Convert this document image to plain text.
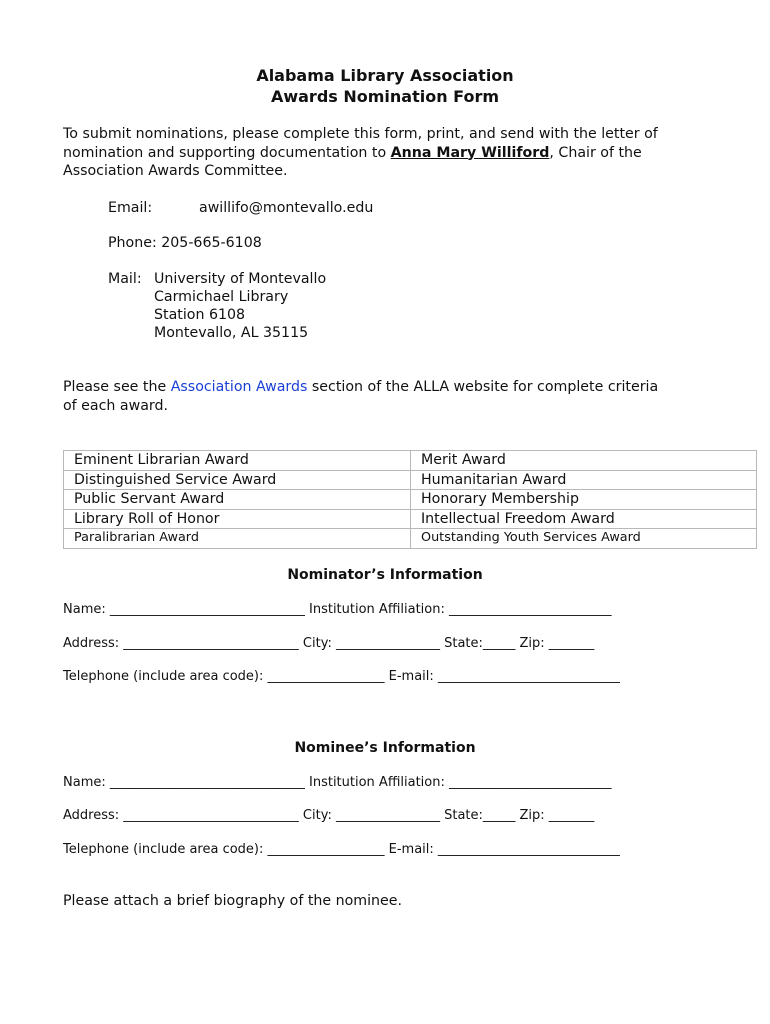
Alabama Library Association
Awards Nomination Form
To submit nominations, please complete this form, print, and send with the letter of
nomination and supporting documentation to Anna Mary Williford, Chair of the
Association Awards Committee.
Email:	awillifo@montevallo.edu
Phone: 205-665-6108
Mail: University of Montevallo
Carmichael Library
Station 6108
Montevallo, AL 35115
Please see the Association Awards section of the ALLA website for complete criteria
of each award.
Eminent Librarian Award	Merit Award
Distinguished Service Award	Humanitarian Award
Public Servant Award	Honorary Membership
Library Roll of Honor	Intellectual Freedom Award
Paralibrarian Award	Outstanding Youth Services Award
Nominator’s Information
Name: ______________________________ Institution Affiliation: _________________________
Address: ___________________________ City: ________________ State:_____ Zip: _______
Telephone (include area code): __________________ E-mail: ____________________________
Nominee’s Information
Name: ______________________________ Institution Affiliation: _________________________
Address: ___________________________ City: ________________ State:_____ Zip: _______
Telephone (include area code): __________________ E-mail: ____________________________
Please attach a brief biography of the nominee.
